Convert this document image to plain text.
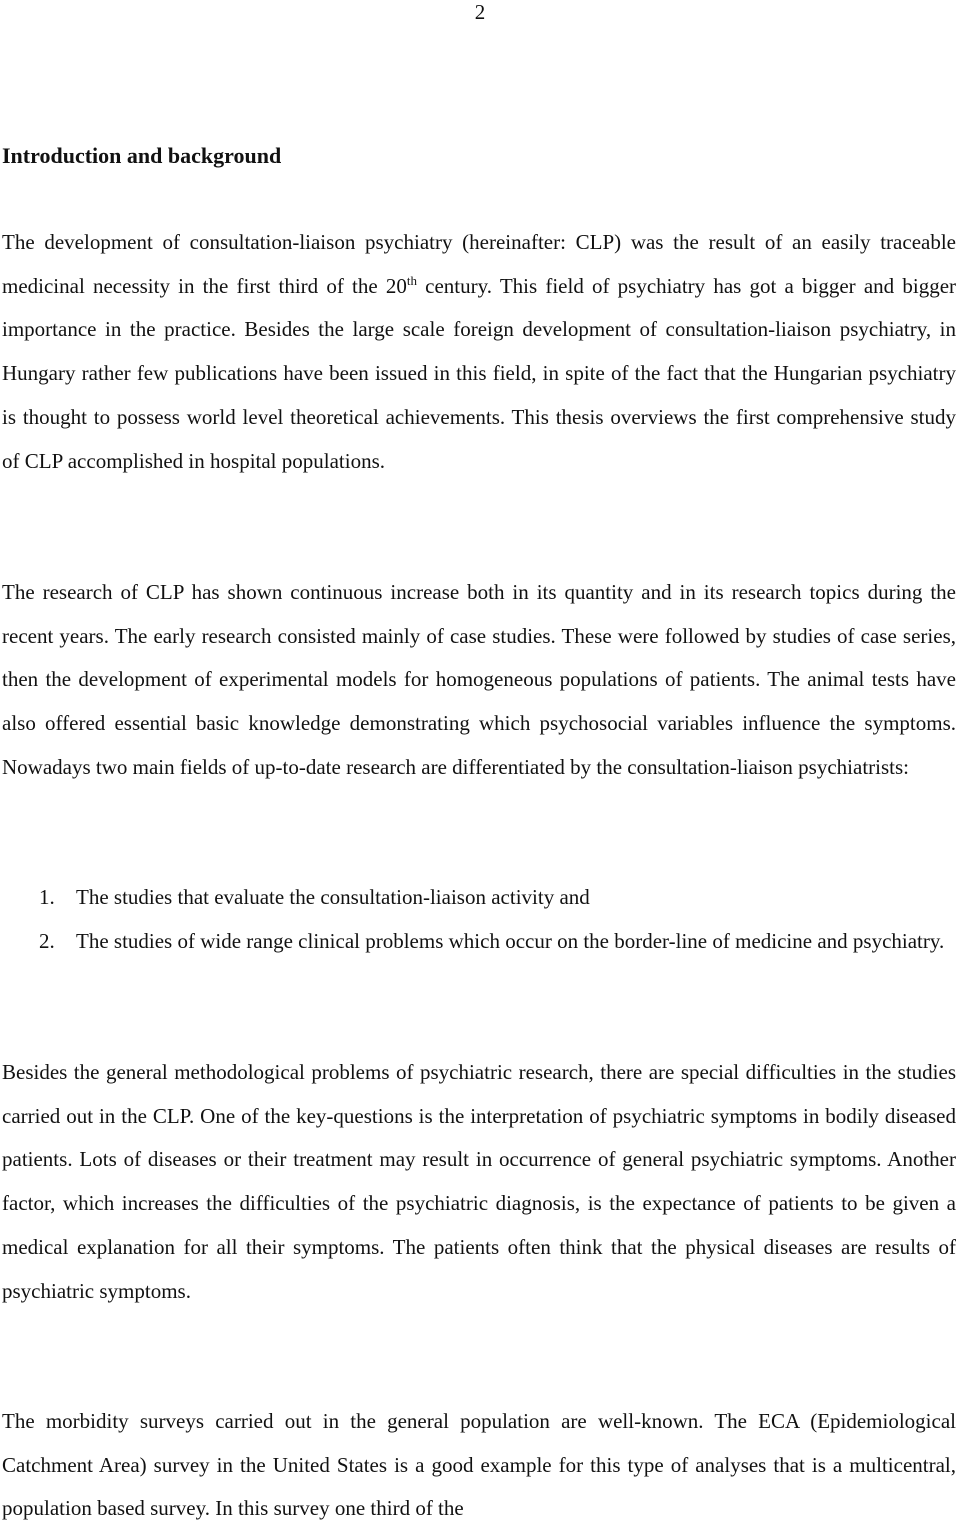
2
Introduction and background

The development of consultation-liaison psychiatry (hereinafter: CLP) was the result of an easily traceable medicinal necessity in the first third of the 20th century. This field of psychiatry has got a bigger and bigger importance in the practice. Besides the large scale foreign development of consultation-liaison psychiatry, in Hungary rather few publications have been issued in this field, in spite of the fact that the Hungarian psychiatry is thought to possess world level theoretical achievements. This thesis overviews the first comprehensive study of CLP accomplished in hospital populations.

The research of CLP has shown continuous increase both in its quantity and in its research topics during the recent years. The early research consisted mainly of case studies. These were followed by studies of case series, then the development of experimental models for homogeneous populations of patients. The animal tests have also offered essential basic knowledge demonstrating which psychosocial variables influence the symptoms. Nowadays two main fields of up-to-date research are differentiated by the consultation-liaison psychiatrists:

1. The studies that evaluate the consultation-liaison activity and
2. The studies of wide range clinical problems which occur on the border-line of medicine and psychiatry.

Besides the general methodological problems of psychiatric research, there are special difficulties in the studies carried out in the CLP. One of the key-questions is the interpretation of psychiatric symptoms in bodily diseased patients. Lots of diseases or their treatment may result in occurrence of general psychiatric symptoms. Another factor, which increases the difficulties of the psychiatric diagnosis, is the expectance of patients to be given a medical explanation for all their symptoms. The patients often think that the physical diseases are results of psychiatric symptoms.

The morbidity surveys carried out in the general population are well-known. The ECA (Epidemiological Catchment Area) survey in the United States is a good example for this type of analyses that is a multicentral, population based survey. In this survey one third of the
